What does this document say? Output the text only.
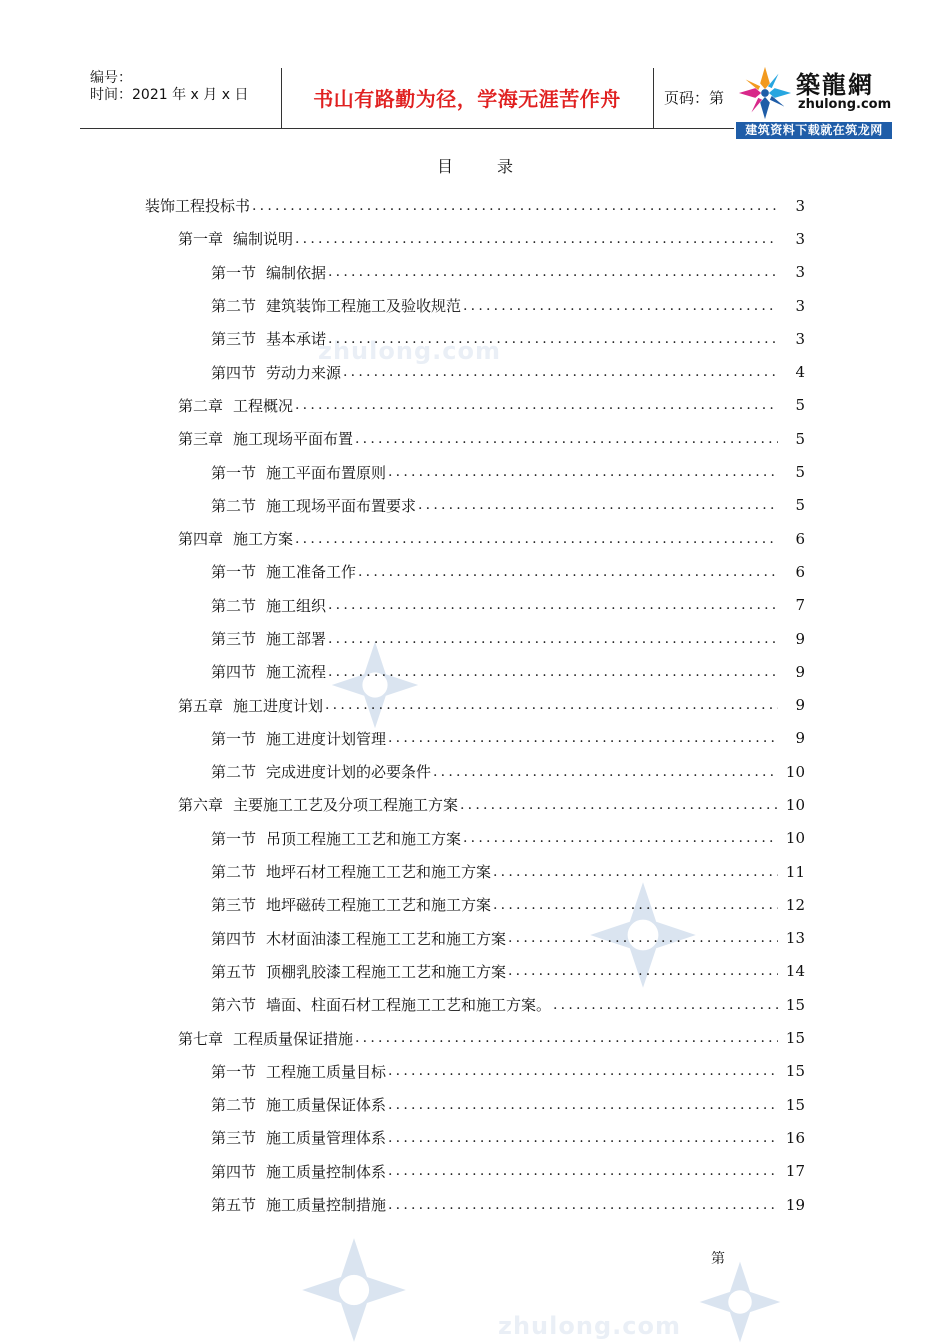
zhulong.com
zhulong.com
编号：
时间：2021 年 x 月 x 日	书山有路勤为径，学海无涯苦作舟	页码：第	築龍網
zhulong.com
建筑资料下载就在筑龙网
目	录
装饰工程投标书 .....	3
第一章 编制说明 .....	3
第一节 编制依据 .....	3
第二节 建筑装饰工程施工及验收规范 .....	3
第三节 基本承诺 .....	3
第四节 劳动力来源 .....	4
第二章 工程概况 .....	5
第三章 施工现场平面布置 .....	5
第一节 施工平面布置原则 .....	5
第二节 施工现场平面布置要求 .....	5
第四章 施工方案 .....	6
第一节 施工准备工作 .....	6
第二节 施工组织 .....	7
第三节 施工部署 .....	9
第四节 施工流程 .....	9
第五章 施工进度计划 .....	9
第一节 施工进度计划管理 .....	9
第二节 完成进度计划的必要条件 .....	10
第六章 主要施工工艺及分项工程施工方案 .....	10
第一节 吊顶工程施工工艺和施工方案 .....	10
第二节 地坪石材工程施工工艺和施工方案 .....	11
第三节 地坪磁砖工程施工工艺和施工方案 .....	12
第四节 木材面油漆工程施工工艺和施工方案 .....	13
第五节 顶棚乳胶漆工程施工工艺和施工方案 .....	14
第六节 墙面、柱面石材工程施工工艺和施工方案。 .....	15
第七章 工程质量保证措施 .....	15
第一节 工程施工质量目标 .....	15
第二节 施工质量保证体系 .....	15
第三节 施工质量管理体系 .....	16
第四节 施工质量控制体系 .....	17
第五节 施工质量控制措施 .....	19
第
